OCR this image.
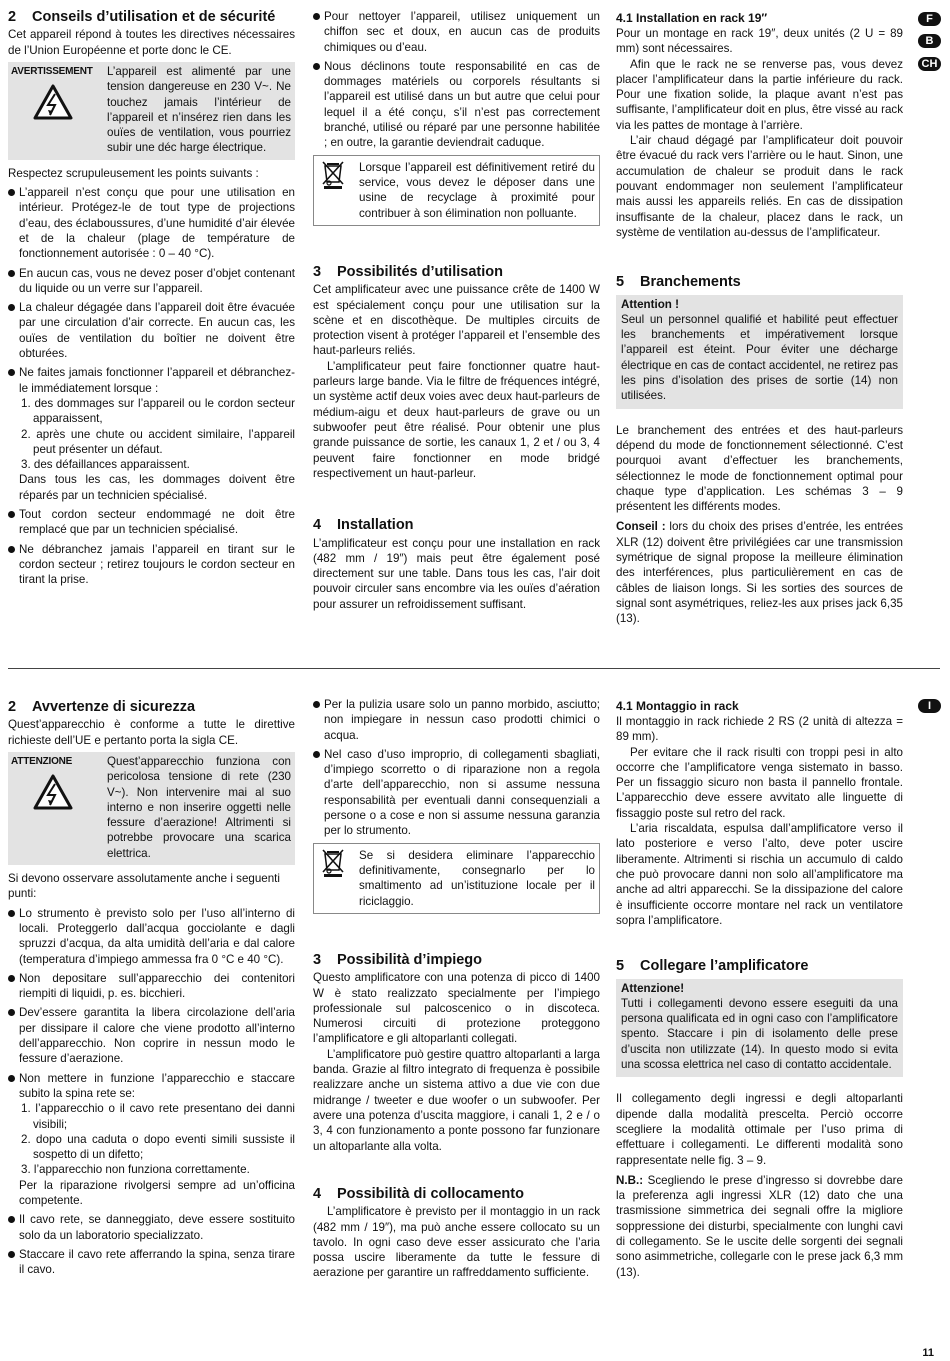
2 Conseils d’utilisation et de sécurité

Cet appareil répond à toutes les directives nécessaires de l’Union Européenne et porte donc le CE.

AVERTISSEMENT	L’appareil est alimenté par une tension dangereuse en 230 V~. Ne touchez jamais l’intérieur de l’appareil et n’insérez rien dans les ouïes de ventilation, vous pourriez subir une déc harge électrique.

Respectez scrupuleusement les points suivants :

L’appareil n’est conçu que pour une utilisation en intérieur. Protégez-le de tout type de projections d’eau, des éclaboussures, d’une humidité d’air élevée et de la chaleur (plage de température de fonctionnement autorisée : 0 – 40 °C).
En aucun cas, vous ne devez poser d’objet contenant du liquide ou un verre sur l’appareil.
La chaleur dégagée dans l’appareil doit être évacuée par une circulation d’air correcte. En aucun cas, les ouïes de ventilation du boîtier ne doivent être obturées.
Ne faites jamais fonctionner l’appareil et débranchez-le immédiatement lorsque :
1. des dommages sur l’appareil ou le cordon secteur apparaissent,
2. après une chute ou accident similaire, l’appareil peut présenter un défaut.
3. des défaillances apparaissent.
Dans tous les cas, les dommages doivent être réparés par un technicien spécialisé.
Tout cordon secteur endommagé ne doit être remplacé que par un technicien spécialisé.
Ne débranchez jamais l’appareil en tirant sur le cordon secteur ; retirez toujours le cordon secteur en tirant la prise.
Pour nettoyer l’appareil, utilisez uniquement un chiffon sec et doux, en aucun cas de produits chimiques ou d’eau.
Nous déclinons toute responsabilité en cas de dommages matériels ou corporels résultants si l’appareil est utilisé dans un but autre que celui pour lequel il a été conçu, s’il n’est pas correctement branché, utilisé ou réparé par une personne habilitée ; en outre, la garantie deviendrait caduque.
Lorsque l’appareil est définitivement retiré du service, vous devez le déposer dans une usine de recyclage à proximité pour contribuer à son élimination non polluante.
3 Possibilités d’utilisation

Cet amplificateur avec une puissance crête de 1400 W est spécialement conçu pour une utilisation sur la scène et en discothèque. De multiples circuits de protection visent à protéger l’appareil et l’ensemble des haut-parleurs reliés.

L’amplificateur peut faire fonctionner quatre haut-parleurs large bande. Via le filtre de fréquences intégré, un système actif deux voies avec deux haut-parleurs de médium-aigu et deux haut-parleurs de grave ou un subwoofer peut être réalisé. Pour obtenir une plus grande puissance de sortie, les canaux 1, 2 et / ou 3, 4 peuvent faire fonctionner en mode bridgé respectivement un haut-parleur.

4 Installation

L’amplificateur est conçu pour une installation en rack (482 mm / 19″) mais peut être également posé directement sur une table. Dans tous les cas, l’air doit pouvoir circuler sans encombre via les ouïes d’aération pour assurer un refroidissement suffisant.

4.1 Installation en rack 19″

Pour un montage en rack 19″, deux unités (2 U = 89 mm) sont nécessaires.

Afin que le rack ne se renverse pas, vous devez placer l’amplificateur dans la partie inférieure du rack. Pour une fixation solide, la plaque avant n’est pas suffisante, l’amplificateur doit en plus, être vissé au rack via les pattes de montage à l’arrière.

L’air chaud dégagé par l’amplificateur doit pouvoir être évacué du rack vers l’arrière ou le haut. Sinon, une accumulation de chaleur se produit dans le rack pouvant endommager non seulement l’amplificateur mais aussi les appareils reliés. En cas de dissipation insuffisante de la chaleur, placez dans le rack, un système de ventilation au-dessus de l’amplificateur.

5 Branchements
Attention !
Seul un personnel qualifié et habilité peut effectuer les branchements et impérativement lorsque l’appareil est éteint. Pour éviter une décharge électrique en cas de contact accidentel, ne retirez pas les pins d’isolation des prises de sortie (14) non utilisées.

Le branchement des entrées et des haut-parleurs dépend du mode de fonctionnement sélectionné. C’est pourquoi avant d’effectuer les branchements, sélectionnez le mode de fonctionnement optimal pour chaque type d’application. Les schémas 3 – 9 présentent les différents modes.

Conseil : lors du choix des prises d’entrée, les entrées XLR (12) doivent être privilégiées car une transmission symétrique de signal propose la meilleure élimination des interférences, plus particulièrement en cas de câbles de liaison longs. Si les sorties des sources de signal sont asymétriques, reliez-les aux prises jack 6,35 (13).

F
B
CH
2 Avvertenze di sicurezza

Quest’apparecchio è conforme a tutte le direttive richieste dell’UE e pertanto porta la sigla CE.

ATTENZIONE	Quest’apparecchio funziona con pericolosa tensione di rete (230 V~). Non intervenire mai al suo interno e non inserire oggetti nelle fessure d’aerazione! Altrimenti si potrebbe provocare una scarica elettrica.

Si devono osservare assolutamente anche i seguenti punti:

Lo strumento è previsto solo per l’uso all’interno di locali. Proteggerlo dall’acqua gocciolante e dagli spruzzi d’acqua, da alta umidità dell’aria e dal calore (temperatura d’impiego ammessa fra 0 °C e 40 °C).
Non depositare sull’apparecchio dei contenitori riempiti di liquidi, p. es. bicchieri.
Dev’essere garantita la libera circolazione dell’aria per dissipare il calore che viene prodotto all’interno dell’apparecchio. Non coprire in nessun modo le fessure d’aerazione.
Non mettere in funzione l’apparecchio e staccare subito la spina rete se:
1. l’apparecchio o il cavo rete presentano dei danni visibili;
2. dopo una caduta o dopo eventi simili sussiste il sospetto di un difetto;
3. l’apparecchio non funziona correttamente.
Per la riparazione rivolgersi sempre ad un’officina competente.
Il cavo rete, se danneggiato, deve essere sostituito solo da un laboratorio specializzato.
Staccare il cavo rete afferrando la spina, senza tirare il cavo.
Per la pulizia usare solo un panno morbido, asciutto; non impiegare in nessun caso prodotti chimici o acqua.
Nel caso d’uso improprio, di collegamenti sbagliati, d’impiego scorretto o di riparazione non a regola d’arte dell’apparecchio, non si assume nessuna responsabilità per eventuali danni consequenziali a persone o a cose e non si assume nessuna garanzia per lo strumento.
Se si desidera eliminare l’apparecchio definitivamente, consegnarlo per lo smaltimento ad un’istituzione locale per il riciclaggio.
3 Possibilità d’impiego

Questo amplificatore con una potenza di picco di 1400 W è stato realizzato specialmente per l’impiego professionale sul palcoscenico o in discoteca. Numerosi circuiti di protezione proteggono l’amplificatore e gli altoparlanti collegati.

L’amplificatore può gestire quattro altoparlanti a larga banda. Grazie al filtro integrato di frequenza è possibile realizzare anche un sistema attivo a due vie con due midrange / tweeter e due woofer o un subwoofer. Per avere una potenza d’uscita maggiore, i canali 1, 2 e / o 3, 4 con funzionamento a ponte possono far funzionare un altoparlante alla volta.

4 Possibilità di collocamento

L’amplificatore è previsto per il montaggio in un rack (482 mm / 19″), ma può anche essere collocato su un tavolo. In ogni caso deve esser assicurato che l’aria possa uscire liberamente da tutte le fessure di aerazione per garantire un raffreddamento sufficiente.

4.1 Montaggio in rack

Il montaggio in rack richiede 2 RS (2 unità di altezza = 89 mm).

Per evitare che il rack risulti con troppi pesi in alto occorre che l’amplificatore venga sistemato in basso. Per un fissaggio sicuro non basta il pannello frontale. L’apparecchio deve essere avvitato alle linguette di fissaggio poste sul retro del rack.

L’aria riscaldata, espulsa dall’amplificatore verso il lato posteriore e verso l’alto, deve poter uscire liberamente. Altrimenti si rischia un accumulo di caldo che può provocare danni non solo all’amplificatore ma anche ad altri apparecchi. Se la dissipazione del calore è insufficiente occorre montare nel rack un ventilatore sopra l’amplificatore.

5 Collegare l’amplificatore
Attenzione!
Tutti i collegamenti devono essere eseguiti da una persona qualificata ed in ogni caso con l’amplificatore spento. Staccare i pin di isolamento delle prese d’uscita non utilizzate (14). In questo modo si evita una scossa elettrica nel caso di contatto accidentale.

Il collegamento degli ingressi e degli altoparlanti dipende dalla modalità prescelta. Perciò occorre scegliere la modalità ottimale per l’uso prima di effettuare i collegamenti. Le differenti modalità sono rappresentate nelle fig. 3 – 9.

N.B.: Scegliendo le prese d’ingresso si dovrebbe dare la preferenza agli ingressi XLR (12) dato che una trasmissione simmetrica dei segnali offre la migliore soppressione dei disturbi, specialmente con lunghi cavi di collegamento. Se le uscite delle sorgenti dei segnali sono asimmetriche, collegarle con le prese jack 6,3 mm (13).

I
11
